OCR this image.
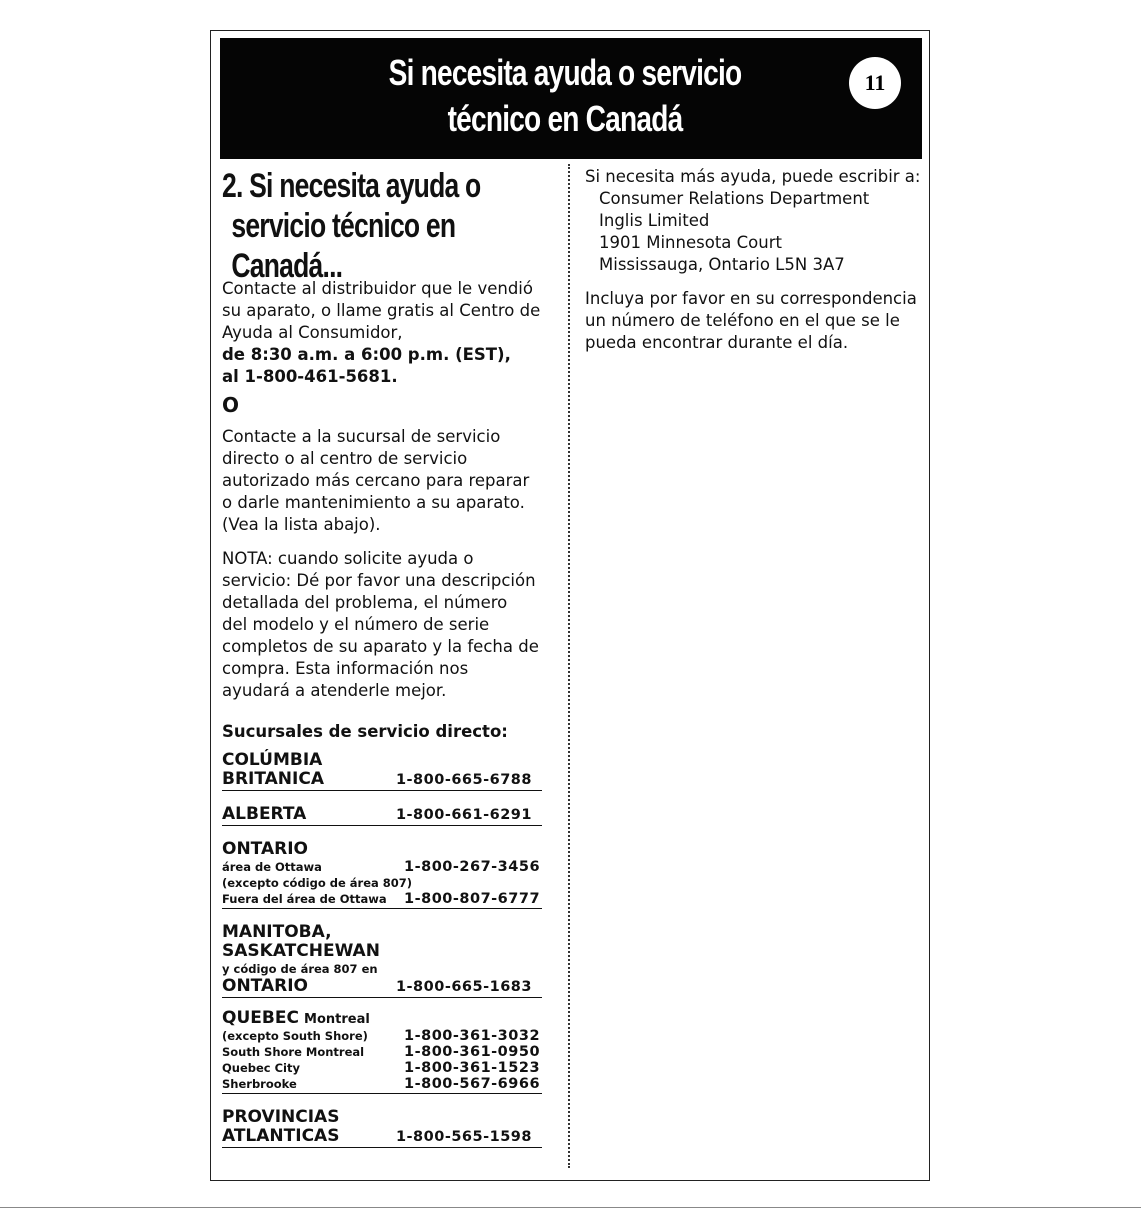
Si necesita ayuda o servicio
técnico en Canadá
11
2. Si necesita ayuda o
servicio técnico en
Canadá...

Contacte al distribuidor que le vendió

su aparato, o llame gratis al Centro de

Ayuda al Consumidor,

de 8:30 a.m. a 6:00 p.m. (EST),

al 1-800-461-5681.

O

Contacte a la sucursal de servicio

directo o al centro de servicio

autorizado más cercano para reparar

o darle mantenimiento a su aparato.

(Vea la lista abajo).

NOTA: cuando solicite ayuda o

servicio: Dé por favor una descripción

detallada del problema, el número

del modelo y el número de serie

completos de su aparato y la fecha de

compra. Esta información nos

ayudará a atenderle mejor.

Sucursales de servicio directo:
COLÚMBIA
BRITANICA	1-800-665-6788
ALBERTA	1-800-661-6291
ONTARIO
área de Ottawa	1-800-267-3456
(excepto código de área 807)
Fuera del área de Ottawa	1-800-807-6777
MANITOBA,
SASKATCHEWAN
y código de área 807 en
ONTARIO	1-800-665-1683
QUEBEC Montreal
(excepto South Shore)	1-800-361-3032
South Shore Montreal	1-800-361-0950
Quebec City	1-800-361-1523
Sherbrooke	1-800-567-6966
PROVINCIAS
ATLANTICAS	1-800-565-1598

Si necesita más ayuda, puede escribir a:

Consumer Relations Department

Inglis Limited

1901 Minnesota Court

Mississauga, Ontario L5N 3A7

Incluya por favor en su correspondencia

un número de teléfono en el que se le

pueda encontrar durante el día.
